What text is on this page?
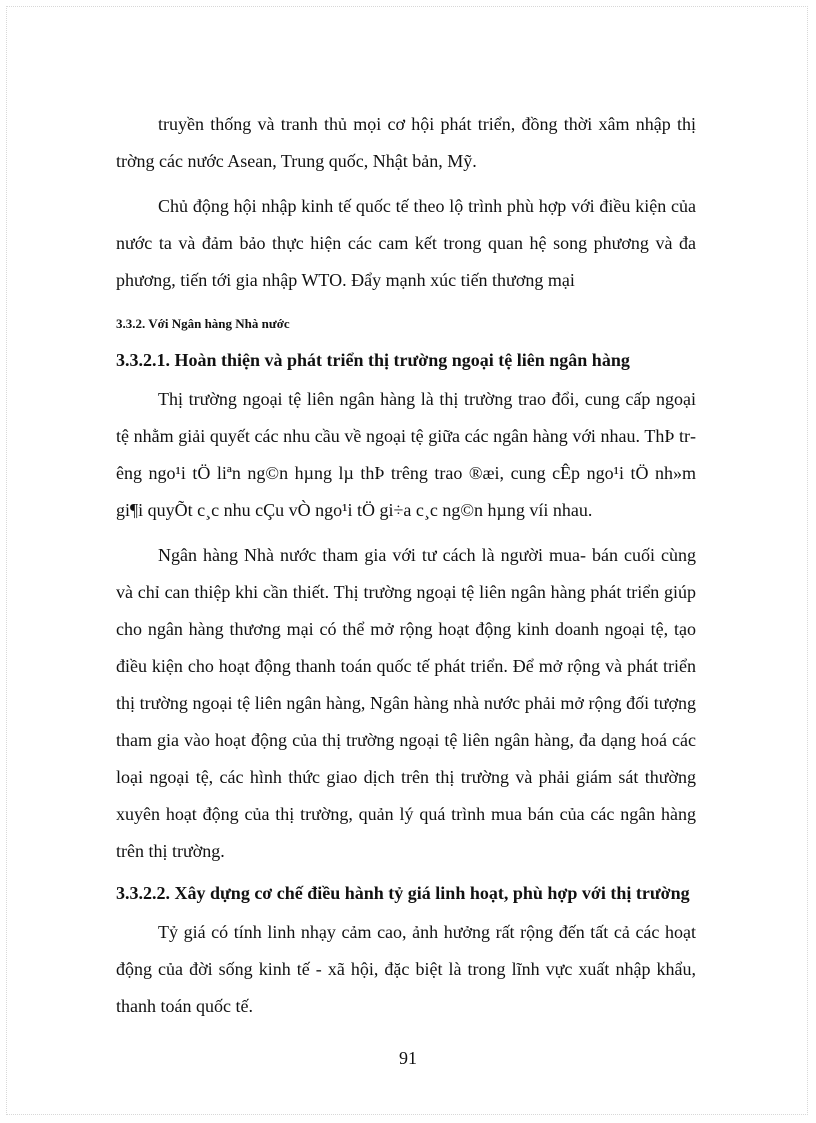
truyền thống và tranh thủ mọi cơ hội phát triển, đồng thời xâm nhập thị trờng các nước Asean, Trung quốc, Nhật bản, Mỹ.

Chủ động hội nhập kinh tế quốc tế theo lộ trình phù hợp với điều kiện của nước ta và đảm bảo thực hiện các cam kết trong quan hệ song phương và đa phương, tiến tới gia nhập WTO. Đẩy mạnh xúc tiến thương mại

3.3.2. Với Ngân hàng Nhà nước
3.3.2.1. Hoàn thiện và phát triển thị trường ngoại tệ liên ngân hàng

Thị trường ngoại tệ liên ngân hàng là thị trường trao đổi, cung cấp ngoại tệ nhằm giải quyết các nhu cầu về ngoại tệ giữa các ngân hàng với nhau. ThÞ trêng ngo¹i tÖ liªn ng©n hµng lµ thÞ trêng trao ®æi, cung cÊp ngo¹i tÖ nh»m gi¶i quyÕt c¸c nhu cÇu vÒ ngo¹i tÖ gi÷a c¸c ng©n hµng víi nhau.

Ngân hàng Nhà nước tham gia với tư cách là người mua- bán cuối cùng và chỉ can thiệp khi cần thiết. Thị trường ngoại tệ liên ngân hàng phát triển giúp cho ngân hàng thương mại có thể mở rộng hoạt động kinh doanh ngoại tệ, tạo điều kiện cho hoạt động thanh toán quốc tế phát triển. Để mở rộng và phát triển thị trường ngoại tệ liên ngân hàng, Ngân hàng nhà nước phải mở rộng đối tượng tham gia vào hoạt động của thị trường ngoại tệ liên ngân hàng, đa dạng hoá các loại ngoại tệ, các hình thức giao dịch trên thị trường và phải giám sát thường xuyên hoạt động của thị trường, quản lý quá trình mua bán của các ngân hàng trên thị trường.

3.3.2.2. Xây dựng cơ chế điều hành tỷ giá linh hoạt, phù hợp với thị trường

Tỷ giá có tính linh nhạy cảm cao, ảnh hưởng rất rộng đến tất cả các hoạt động của đời sống kinh tế - xã hội, đặc biệt là trong lĩnh vực xuất nhập khẩu, thanh toán quốc tế.

91
